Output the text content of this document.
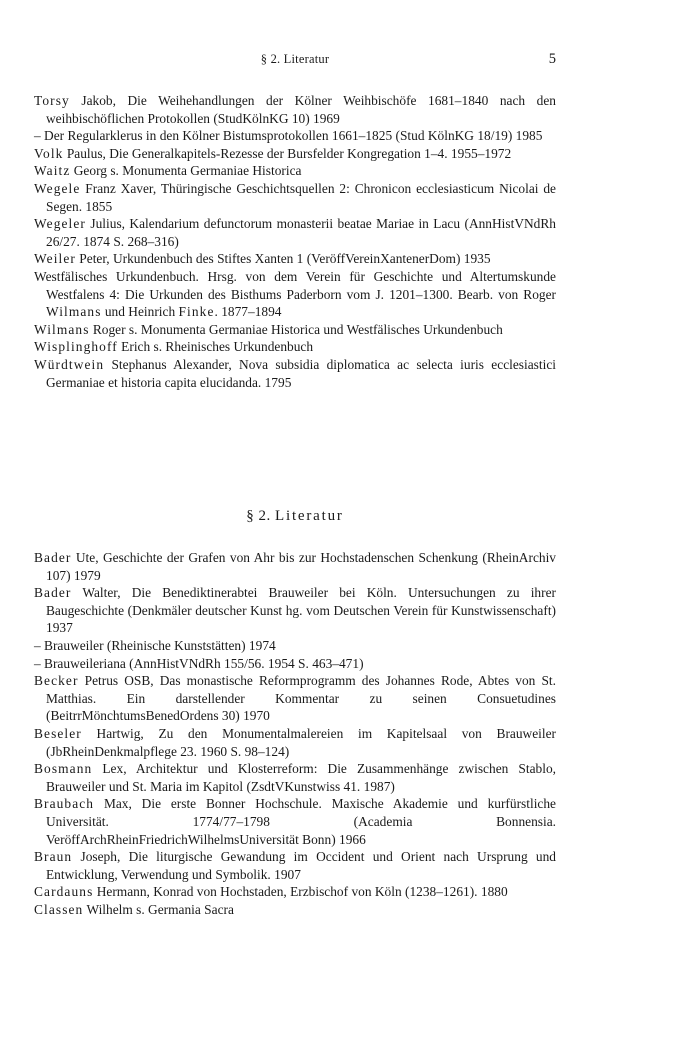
§ 2. Literatur	5
Torsy Jakob, Die Weihehandlungen der Kölner Weihbischöfe 1681–1840 nach den weihbischöflichen Protokollen (StudKölnKG 10) 1969
– Der Regularklerus in den Kölner Bistumsprotokollen 1661–1825 (Stud KölnKG 18/19) 1985
Volk Paulus, Die Generalkapitels-Rezesse der Bursfelder Kongregation 1–4. 1955–1972
Waitz Georg s. Monumenta Germaniae Historica
Wegele Franz Xaver, Thüringische Geschichtsquellen 2: Chronicon ecclesiasticum Nicolai de Segen. 1855
Wegeler Julius, Kalendarium defunctorum monasterii beatae Mariae in Lacu (AnnHistVNdRh 26/27. 1874 S. 268–316)
Weiler Peter, Urkundenbuch des Stiftes Xanten 1 (VeröffVereinXantenerDom) 1935
Westfälisches Urkundenbuch. Hrsg. von dem Verein für Geschichte und Altertumskunde Westfalens 4: Die Urkunden des Bisthums Paderborn vom J. 1201–1300. Bearb. von Roger Wilmans und Heinrich Finke. 1877–1894
Wilmans Roger s. Monumenta Germaniae Historica und Westfälisches Urkundenbuch
Wisplinghoff Erich s. Rheinisches Urkundenbuch
Würdtwein Stephanus Alexander, Nova subsidia diplomatica ac selecta iuris ecclesiastici Germaniae et historia capita elucidanda. 1795
§ 2. Literatur
Bader Ute, Geschichte der Grafen von Ahr bis zur Hochstadenschen Schenkung (RheinArchiv 107) 1979
Bader Walter, Die Benediktinerabtei Brauweiler bei Köln. Untersuchungen zu ihrer Baugeschichte (Denkmäler deutscher Kunst hg. vom Deutschen Verein für Kunstwissenschaft) 1937
– Brauweiler (Rheinische Kunststätten) 1974
– Brauweileriana (AnnHistVNdRh 155/56. 1954 S. 463–471)
Becker Petrus OSB, Das monastische Reformprogramm des Johannes Rode, Abtes von St. Matthias. Ein darstellender Kommentar zu seinen Consuetudines (BeitrrMönchtumsBenedOrdens 30) 1970
Beseler Hartwig, Zu den Monumentalmalereien im Kapitelsaal von Brauweiler (JbRheinDenkmalpflege 23. 1960 S. 98–124)
Bosmann Lex, Architektur und Klosterreform: Die Zusammenhänge zwischen Stablo, Brauweiler und St. Maria im Kapitol (ZsdtVKunstwiss 41. 1987)
Braubach Max, Die erste Bonner Hochschule. Maxische Akademie und kurfürstliche Universität. 1774/77–1798 (Academia Bonnensia. VeröffArchRheinFriedrichWilhelmsUniversität Bonn) 1966
Braun Joseph, Die liturgische Gewandung im Occident und Orient nach Ursprung und Entwicklung, Verwendung und Symbolik. 1907
Cardauns Hermann, Konrad von Hochstaden, Erzbischof von Köln (1238–1261). 1880
Classen Wilhelm s. Germania Sacra
